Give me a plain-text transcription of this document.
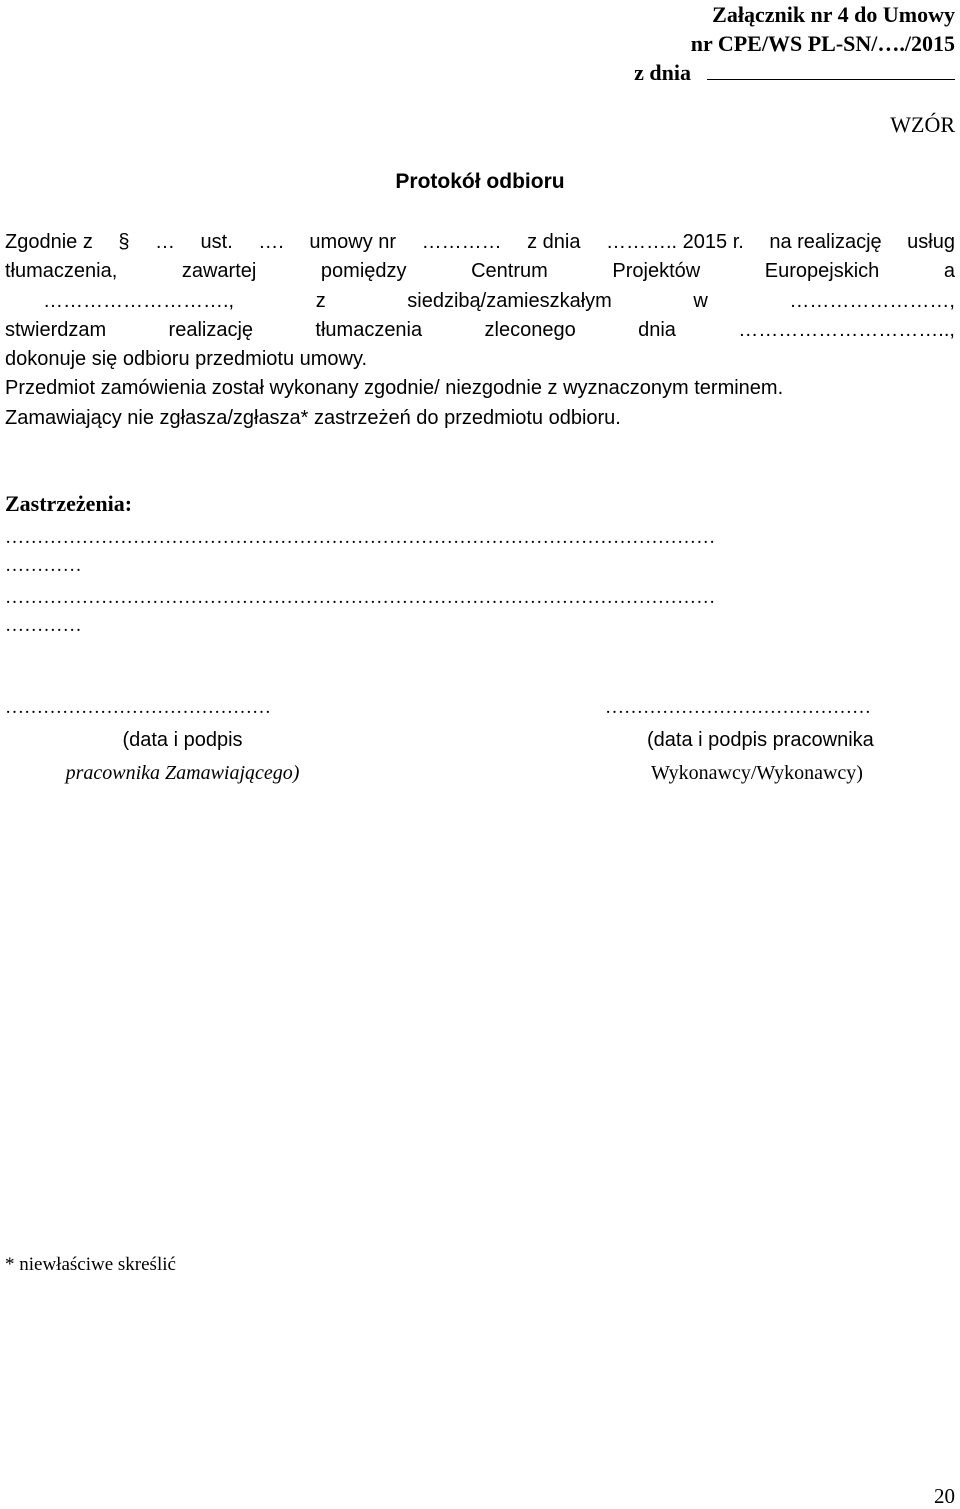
Załącznik nr 4 do Umowy
nr CPE/WS PL-SN/…./2015
z dnia
WZÓR
Protokół odbioru
Zgodnie z § … ust. …. umowy nr ………… z dnia ……….. 2015 r. na realizację usług
tłumaczenia,	zawartej	pomiędzy	Centrum	Projektów	Europejskich	a
……………………….,	z	siedzibą/zamieszkałym	w	……………………,
stwierdzam	realizację	tłumaczenia	zleconego	dnia	…………………………..,
dokonuje się odbioru przedmiotu umowy.
Przedmiot zamówienia został wykonany zgodnie/ niezgodnie z wyznaczonym terminem.
Zamawiający nie zgłasza/zgłasza* zastrzeżeń do przedmiotu odbioru.
Zastrzeżenia:
…………………………………………………………………………………………………
…………
…………………………………………………………………………………………………
…………
……………………………………
(data i podpis
pracownika Zamawiającego)
……………………………………
(data i podpis pracownika
Wykonawcy/Wykonawcy)
* niewłaściwe skreślić
20
